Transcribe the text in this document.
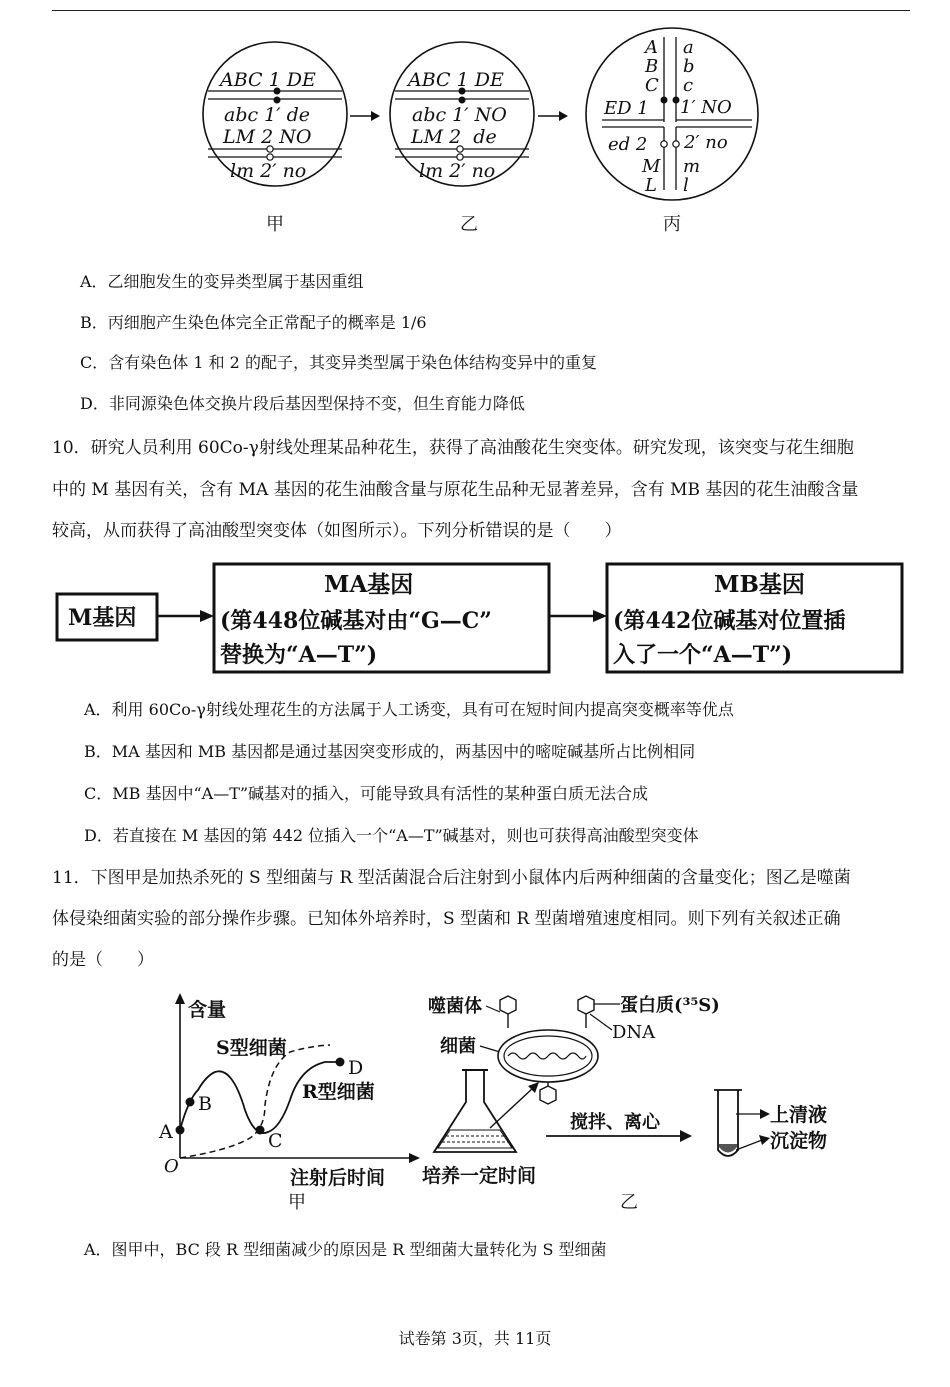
ABC 1 DE
abc 1′ de
LM 2 NO
lm 2′ no
ABC 1 DE
abc 1′ NO
LM 2  de
lm 2′ no
A
B
C
a
b
c
ED 1 1′ NO
ed 2 2′ no
M
L
m
l
甲	乙	丙
A．乙细胞发生的变异类型属于基因重组
B．丙细胞产生染色体完全正常配子的概率是 1/6
C．含有染色体 1 和 2 的配子，其变异类型属于染色体结构变异中的重复
D．非同源染色体交换片段后基因型保持不变，但生育能力降低
10．研究人员利用 60Co-γ射线处理某品种花生，获得了高油酸花生突变体。研究发现，该突变与花生细胞
中的 M 基因有关，含有 MA 基因的花生油酸含量与原花生品种无显著差异，含有 MB 基因的花生油酸含量
较高，从而获得了高油酸型突变体（如图所示）。下列分析错误的是（　　）
M基因
MA基因
(第448位碱基对由“G—C”
替换为“A—T”)
MB基因
(第442位碱基对位置插
入了一个“A—T”)
A．利用 60Co-γ射线处理花生的方法属于人工诱变，具有可在短时间内提高突变概率等优点
B．MA 基因和 MB 基因都是通过基因突变形成的，两基因中的嘧啶碱基所占比例相同
C．MB 基因中“A—T”碱基对的插入，可能导致具有活性的某种蛋白质无法合成
D．若直接在 M 基因的第 442 位插入一个“A—T”碱基对，则也可获得高油酸型突变体
11．下图甲是加热杀死的 S 型细菌与 R 型活菌混合后注射到小鼠体内后两种细菌的含量变化；图乙是噬菌
体侵染细菌实验的部分操作步骤。已知体外培养时，S 型菌和 R 型菌增殖速度相同。则下列有关叙述正确
的是（　　）
含量
O
注射后时间
A
B
C
D
S型细菌
R型细菌
甲
噬菌体	蛋白质(³⁵S)
DNA
细菌
培养一定时间
搅拌、离心	上清液
沉淀物
乙
A．图甲中，BC 段 R 型细菌减少的原因是 R 型细菌大量转化为 S 型细菌
试卷第 3页，共 11页
